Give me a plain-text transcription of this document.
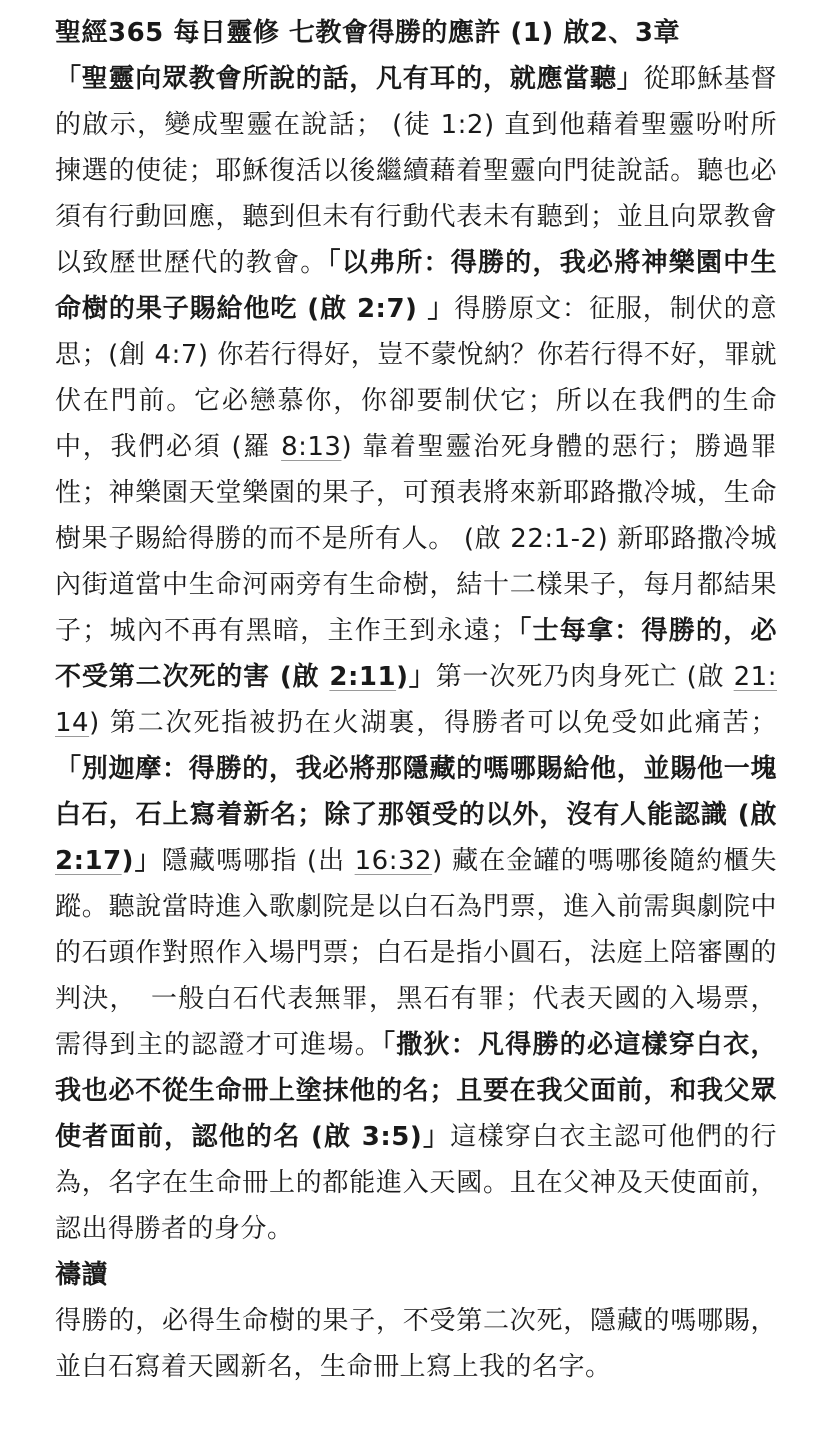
聖經365 每日靈修 七教會得勝的應許 (1) 啟2、3章

「聖靈向眾教會所說的話，凡有耳的，就應當聽」從耶穌基督的啟示，變成聖靈在說話； (徒 1:2) 直到他藉着聖靈吩咐所揀選的使徒；耶穌復活以後繼續藉着聖靈向門徒說話。聽也必須有行動回應，聽到但未有行動代表未有聽到；並且向眾教會以致歷世歷代的教會。「以弗所：得勝的，我必將神樂園中生命樹的果子賜給他吃 (啟 2:7) 」得勝原文：征服，制伏的意思；(創 4:7) 你若行得好，豈不蒙悅納？你若行得不好，罪就伏在門前。它必戀慕你，你卻要制伏它；所以在我們的生命中，我們必須 (羅 8:13) 靠着聖靈治死身體的惡行；勝過罪性；神樂園天堂樂園的果子，可預表將來新耶路撒冷城，生命樹果子賜給得勝的而不是所有人。 (啟 22:1-2) 新耶路撒冷城內街道當中生命河兩旁有生命樹，結十二樣果子，每月都結果子；城內不再有黑暗，主作王到永遠；「士每拿：得勝的，必不受第二次死的害 (啟 2:11)」第一次死乃肉身死亡 (啟 21:14) 第二次死指被扔在火湖裏，得勝者可以免受如此痛苦；「別迦摩：得勝的，我必將那隱藏的嗎哪賜給他，並賜他一塊白石，石上寫着新名；除了那領受的以外，沒有人能認識 (啟 2:17)」隱藏嗎哪指 (出 16:32) 藏在金罐的嗎哪後隨約櫃失蹤。聽說當時進入歌劇院是以白石為門票，進入前需與劇院中的石頭作對照作入場門票；白石是指小圓石，法庭上陪審團的判決，　一般白石代表無罪，黑石有罪；代表天國的入場票，需得到主的認證才可進場。「撒狄：凡得勝的必這樣穿白衣，我也必不從生命冊上塗抹他的名；且要在我父面前，和我父眾使者面前，認他的名 (啟 3:5)」這樣穿白衣主認可他們的行為，名字在生命冊上的都能進入天國。且在父神及天使面前，認出得勝者的身分。

禱讀

得勝的，必得生命樹的果子，不受第二次死，隱藏的嗎哪賜，並白石寫着天國新名，生命冊上寫上我的名字。
